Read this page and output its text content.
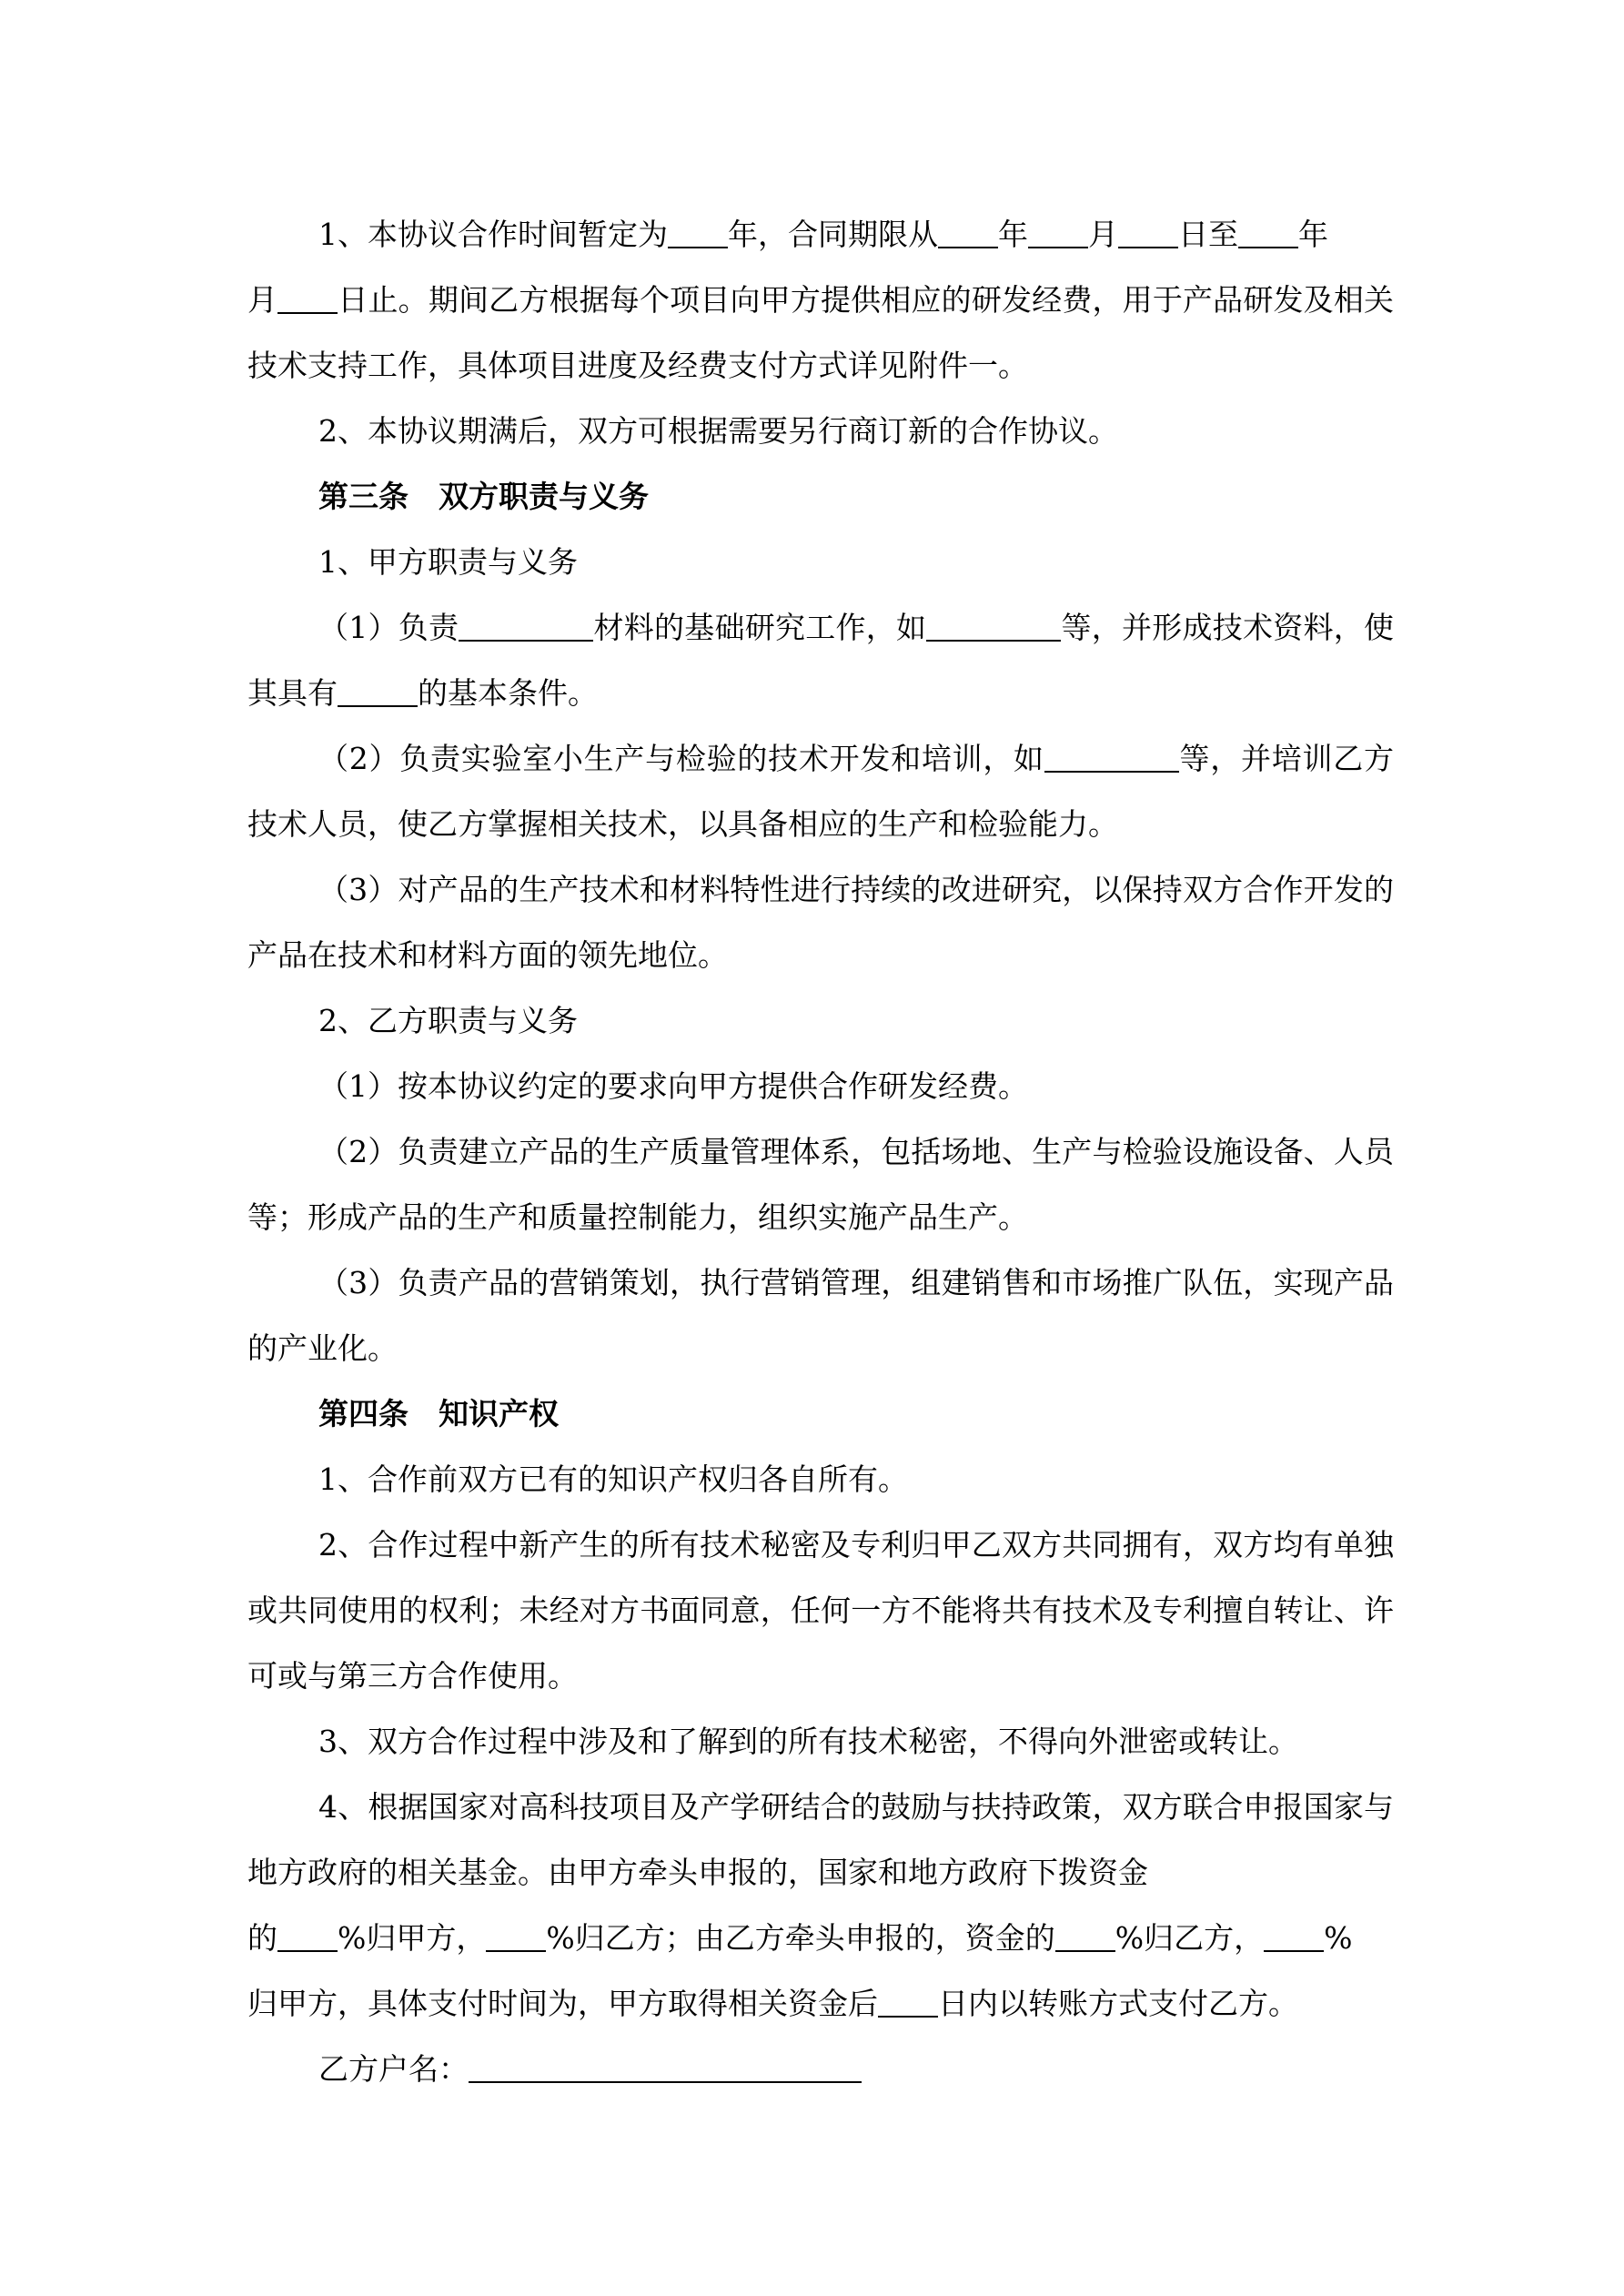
1、本协议合作时间暂定为 年，合同期限从 年 月 日至 年
月 日止。期间乙方根据每个项目向甲方提供相应的研发经费，用于产品研发及相关技术支持工作，具体项目进度及经费支付方式详见附件一。
2、本协议期满后，双方可根据需要另行商订新的合作协议。
第三条　双方职责与义务
1、甲方职责与义务
（1）负责	材料的基础研究工作，如	等，并形成技术资料，使其具有	的基本条件。
（2）负责实验室小生产与检验的技术开发和培训，如	等，并培训乙方技术人员，使乙方掌握相关技术，以具备相应的生产和检验能力。
（3）对产品的生产技术和材料特性进行持续的改进研究，以保持双方合作开发的产品在技术和材料方面的领先地位。
2、乙方职责与义务
（1）按本协议约定的要求向甲方提供合作研发经费。
（2）负责建立产品的生产质量管理体系，包括场地、生产与检验设施设备、人员等；形成产品的生产和质量控制能力，组织实施产品生产。
（3）负责产品的营销策划，执行营销管理，组建销售和市场推广队伍，实现产品的产业化。
第四条　知识产权
1、合作前双方已有的知识产权归各自所有。
2、合作过程中新产生的所有技术秘密及专利归甲乙双方共同拥有，双方均有单独或共同使用的权利；未经对方书面同意，任何一方不能将共有技术及专利擅自转让、许可或与第三方合作使用。
3、双方合作过程中涉及和了解到的所有技术秘密，不得向外泄密或转让。
4、根据国家对高科技项目及产学研结合的鼓励与扶持政策，双方联合申报国家与地方政府的相关基金。由甲方牵头申报的，国家和地方政府下拨资金
的 %归甲方， %归乙方；由乙方牵头申报的，资金的 %归乙方， %
归甲方，具体支付时间为，甲方取得相关资金后 日内以转账方式支付乙方。
乙方户名：
